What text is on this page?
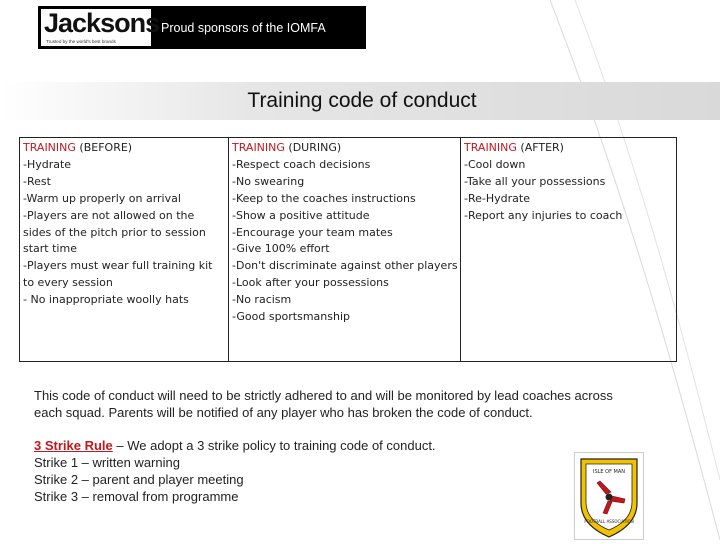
Jacksons
Trusted by the world's best brands
Proud sponsors of the IOMFA
Training code of conduct
TRAINING (BEFORE)
-Hydrate
-Rest
-Warm up properly on arrival
-Players are not allowed on the sides of the pitch prior to session start time
-Players must wear full training kit to every session
- No inappropriate woolly hats
TRAINING (DURING)
-Respect coach decisions
-No swearing
-Keep to the coaches instructions
-Show a positive attitude
-Encourage your team mates
-Give 100% effort
-Don't discriminate against other players
-Look after your possessions
-No racism
-Good sportsmanship
TRAINING (AFTER)
-Cool down
-Take all your possessions
-Re-Hydrate
-Report any injuries to coach
This code of conduct will need to be strictly adhered to and will be monitored by lead coaches across each squad. Parents will be notified of any player who has broken the code of conduct.
3 Strike Rule – We adopt a 3 strike policy to training code of conduct.
Strike 1 – written warning
Strike 2 – parent and player meeting
Strike 3 – removal from programme
ISLE OF MAN
FOOTBALL ASSOCIATION
